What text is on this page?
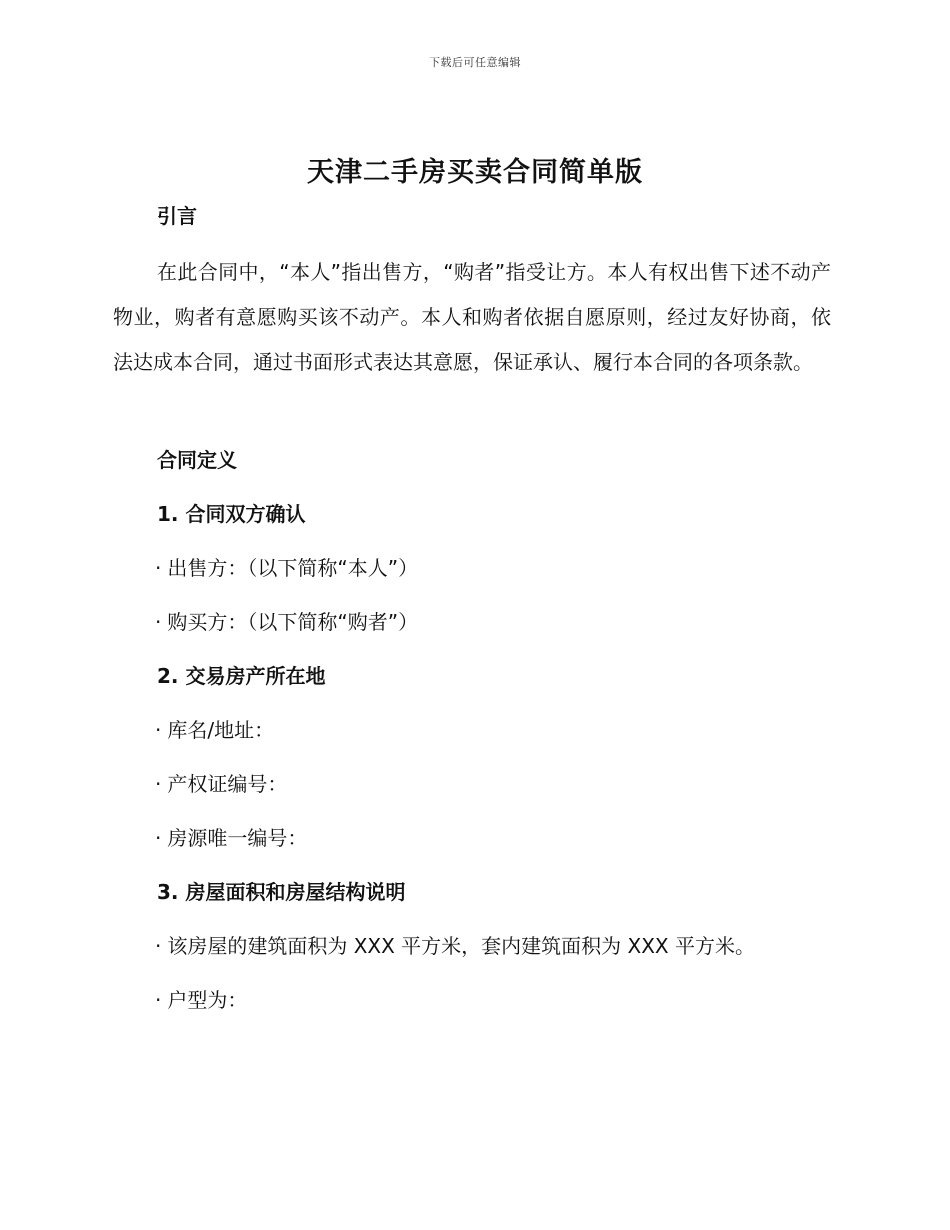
下载后可任意编辑
天津二手房买卖合同简单版
引言
在此合同中，“本人”指出售方，“购者”指受让方。本人有权出售下述不动产物业，购者有意愿购买该不动产。本人和购者依据自愿原则，经过友好协商，依法达成本合同，通过书面形式表达其意愿，保证承认、履行本合同的各项条款。
合同定义
1. 合同双方确认
· 出售方：（以下简称“本人”）
· 购买方：（以下简称“购者”）
2. 交易房产所在地
· 库名/地址：
· 产权证编号：
· 房源唯一编号：
3. 房屋面积和房屋结构说明
· 该房屋的建筑面积为 XXX 平方米，套内建筑面积为 XXX 平方米。
· 户型为：
